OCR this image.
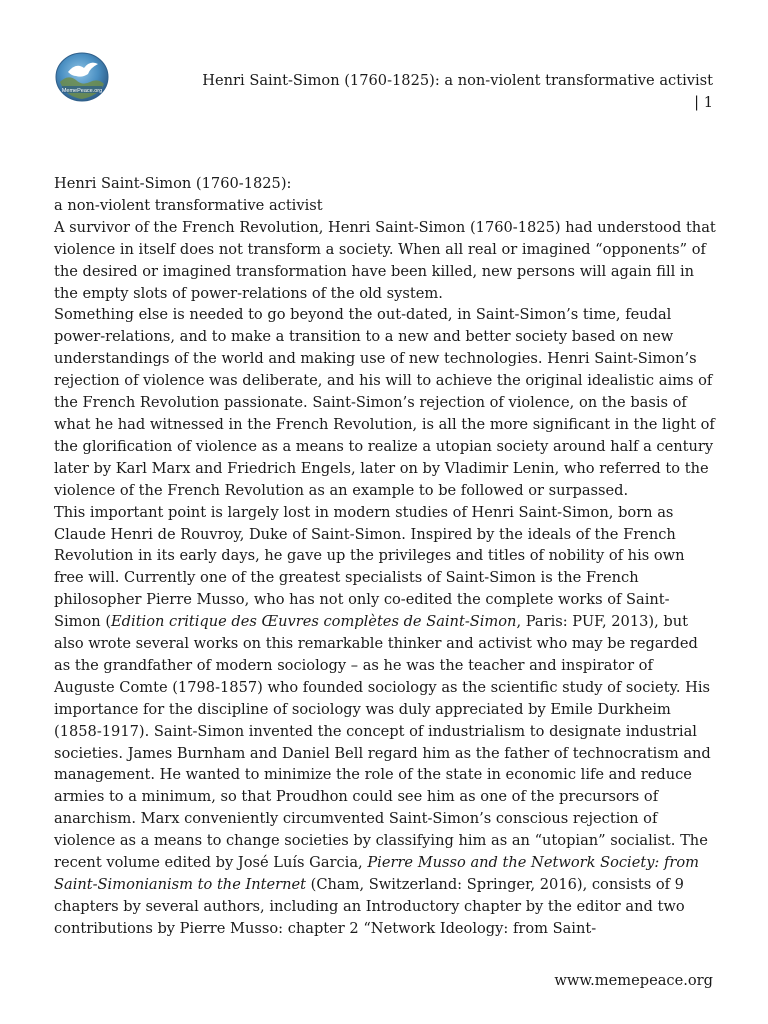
MemePeace.org
Henri Saint-Simon (1760-1825): a non-violent transformative activist
| 1

Henri Saint-Simon (1760-1825):

a non-violent transformative activist

A survivor of the French Revolution, Henri Saint-Simon (1760-1825) had understood that violence in itself does not transform a society. When all real or imagined “opponents” of the desired or imagined transformation have been killed, new persons will again fill in the empty slots of power-relations of the old system.

Something else is needed to go beyond the out-dated, in Saint-Simon’s time, feudal power-relations, and to make a transition to a new and better society based on new understandings of the world and making use of new technologies. Henri Saint-Simon’s rejection of violence was deliberate, and his will to achieve the original idealistic aims of the French Revolution passionate. Saint-Simon’s rejection of violence, on the basis of what he had witnessed in the French Revolution, is all the more significant in the light of the glorification of violence as a means to realize a utopian society around half a century later by Karl Marx and Friedrich Engels, later on by Vladimir Lenin, who referred to the violence of the French Revolution as an example to be followed or surpassed.

This important point is largely lost in modern studies of Henri Saint-Simon, born as Claude Henri de Rouvroy, Duke of Saint-Simon. Inspired by the ideals of the French Revolution in its early days, he gave up the privileges and titles of nobility of his own free will. Currently one of the greatest specialists of Saint-Simon is the French philosopher Pierre Musso, who has not only co-edited the complete works of Saint-Simon (Edition critique des Œuvres complètes de Saint-Simon, Paris: PUF, 2013), but also wrote several works on this remarkable thinker and activist who may be regarded as the grandfather of modern sociology – as he was the teacher and inspirator of Auguste Comte (1798-1857) who founded sociology as the scientific study of society. His importance for the discipline of sociology was duly appreciated by Emile Durkheim (1858-1917). Saint-Simon invented the concept of industrialism to designate industrial societies. James Burnham and Daniel Bell regard him as the father of technocratism and management. He wanted to minimize the role of the state in economic life and reduce armies to a minimum, so that Proudhon could see him as one of the precursors of anarchism. Marx conveniently circumvented Saint-Simon’s conscious rejection of violence as a means to change societies by classifying him as an “utopian” socialist. The recent volume edited by José Luís Garcia, Pierre Musso and the Network Society: from Saint-Simonianism to the Internet (Cham, Switzerland: Springer, 2016), consists of 9 chapters by several authors, including an Introductory chapter by the editor and two contributions by Pierre Musso: chapter 2 “Network Ideology: from Saint-

www.memepeace.org
